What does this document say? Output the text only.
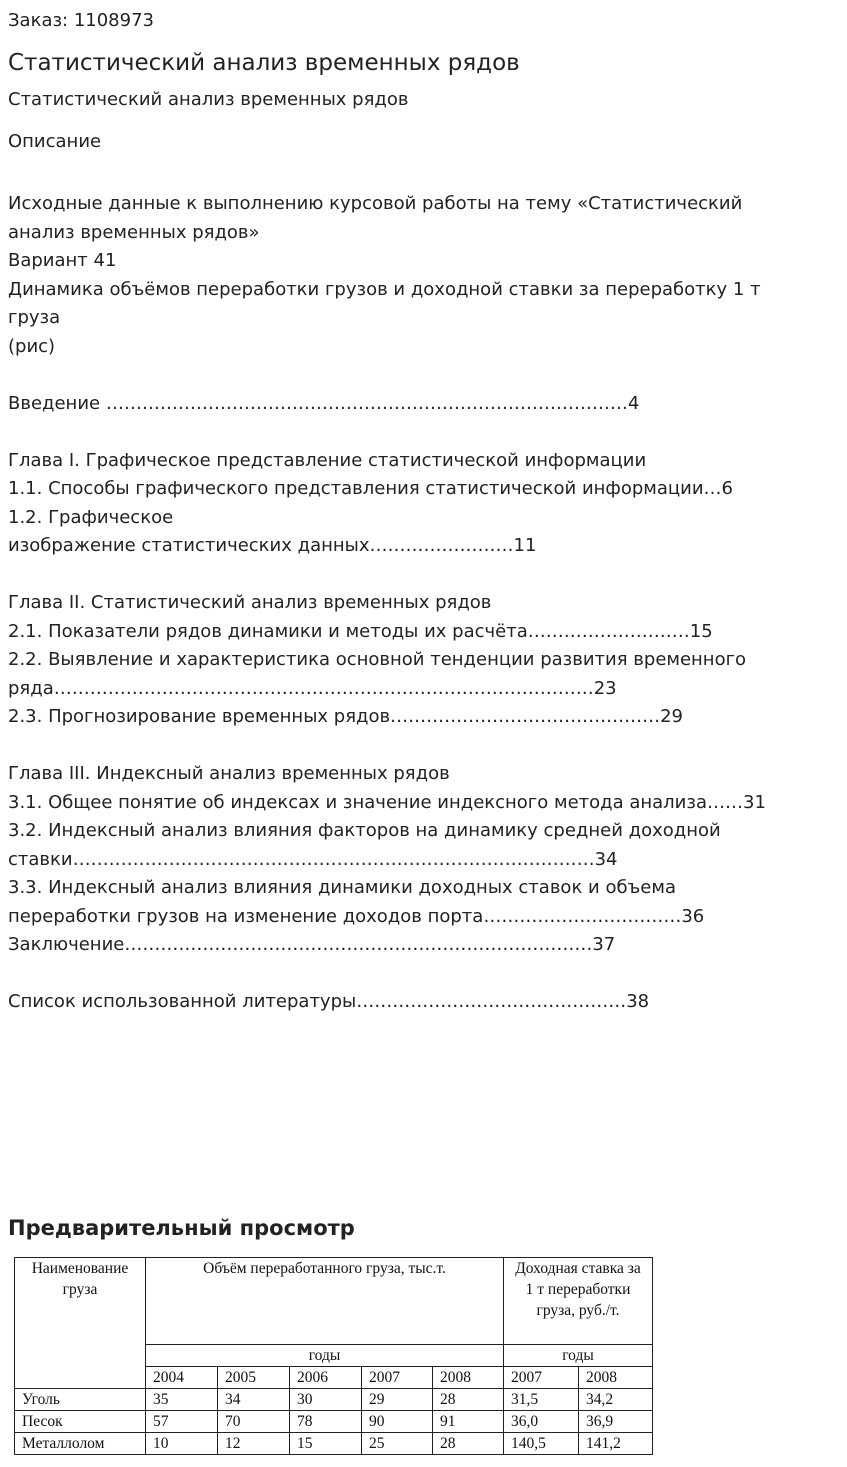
Заказ: 1108973
Статистический анализ временных рядов
Статистический анализ временных рядов
Описание
Исходные данные к выполнению курсовой работы на тему «Статистический
анализ временных рядов»
Вариант 41
Динамика объёмов переработки грузов и доходной ставки за переработку 1 т
груза
(рис)
Введение ……………………………………………………………………………4
Глава I. Графическое представление статистической информации
1.1. Способы графического представления статистической информации…6
1.2. Графическое
изображение статистических данных……………………11
Глава II. Статистический анализ временных рядов
2.1. Показатели рядов динамики и методы их расчёта………………………15
2.2. Выявление и характеристика основной тенденции развития временного
ряда………………………………………………………………………………23
2.3. Прогнозирование временных рядов………………………………………29
Глава III. Индексный анализ временных рядов
3.1. Общее понятие об индексах и значение индексного метода анализа……31
3.2. Индексный анализ влияния факторов на динамику средней доходной
ставки……………………………………………………………………………34
3.3. Индексный анализ влияния динамики доходных ставок и объема
переработки грузов на изменение доходов порта……………………………36
Заключение……………………………………………………………………37
Список использованной литературы………………………………………38
Предварительный просмотр
Наименование груза	Объём переработанного груза, тыс.т.					Доходная ставка за 1 т переработки груза, руб./т.	
	годы					годы	
	2004	2005	2006	2007	2008	2007	2008
Уголь	35	34	30	29	28	31,5	34,2
Песок	57	70	78	90	91	36,0	36,9
Металлолом	10	12	15	25	28	140,5	141,2
